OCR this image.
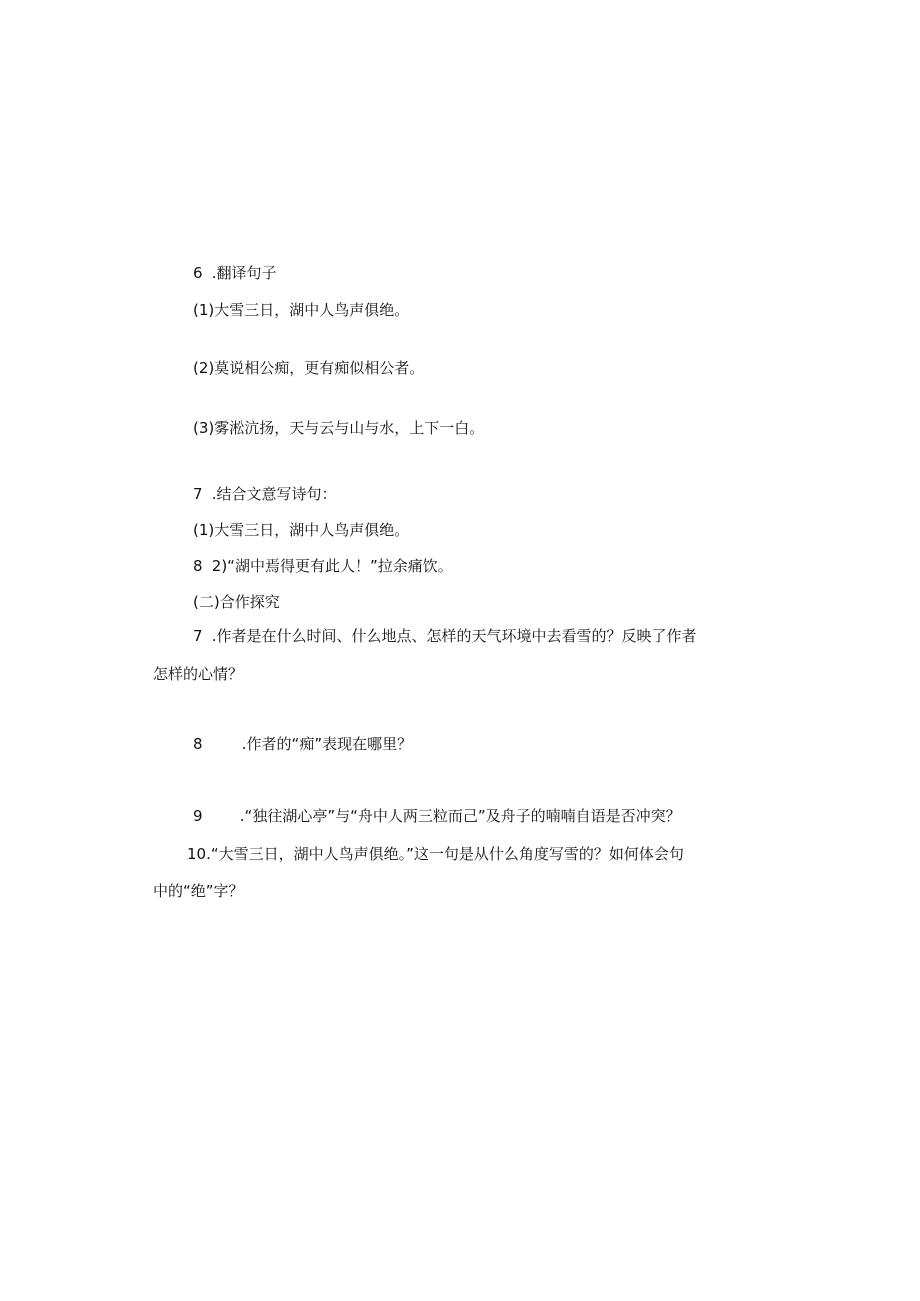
6 .翻译句子
(1)大雪三日，湖中人鸟声俱绝。
(2)莫说相公痴，更有痴似相公者。
(3)雾淞沆扬，天与云与山与水，上下一白。
7 .结合文意写诗句：
(1)大雪三日，湖中人鸟声俱绝。
8 2)“湖中焉得更有此人！”拉余痛饮。
(二)合作探究
7 .作者是在什么时间、什么地点、怎样的天气环境中去看雪的？反映了作者
怎样的心情？
8	.作者的“痴”表现在哪里？
9 .“独往湖心亭”与“舟中人两三粒而己”及舟子的喃喃自语是否冲突？
10.“大雪三日，湖中人鸟声俱绝。”这一句是从什么角度写雪的？如何体会句
中的“绝”字？
